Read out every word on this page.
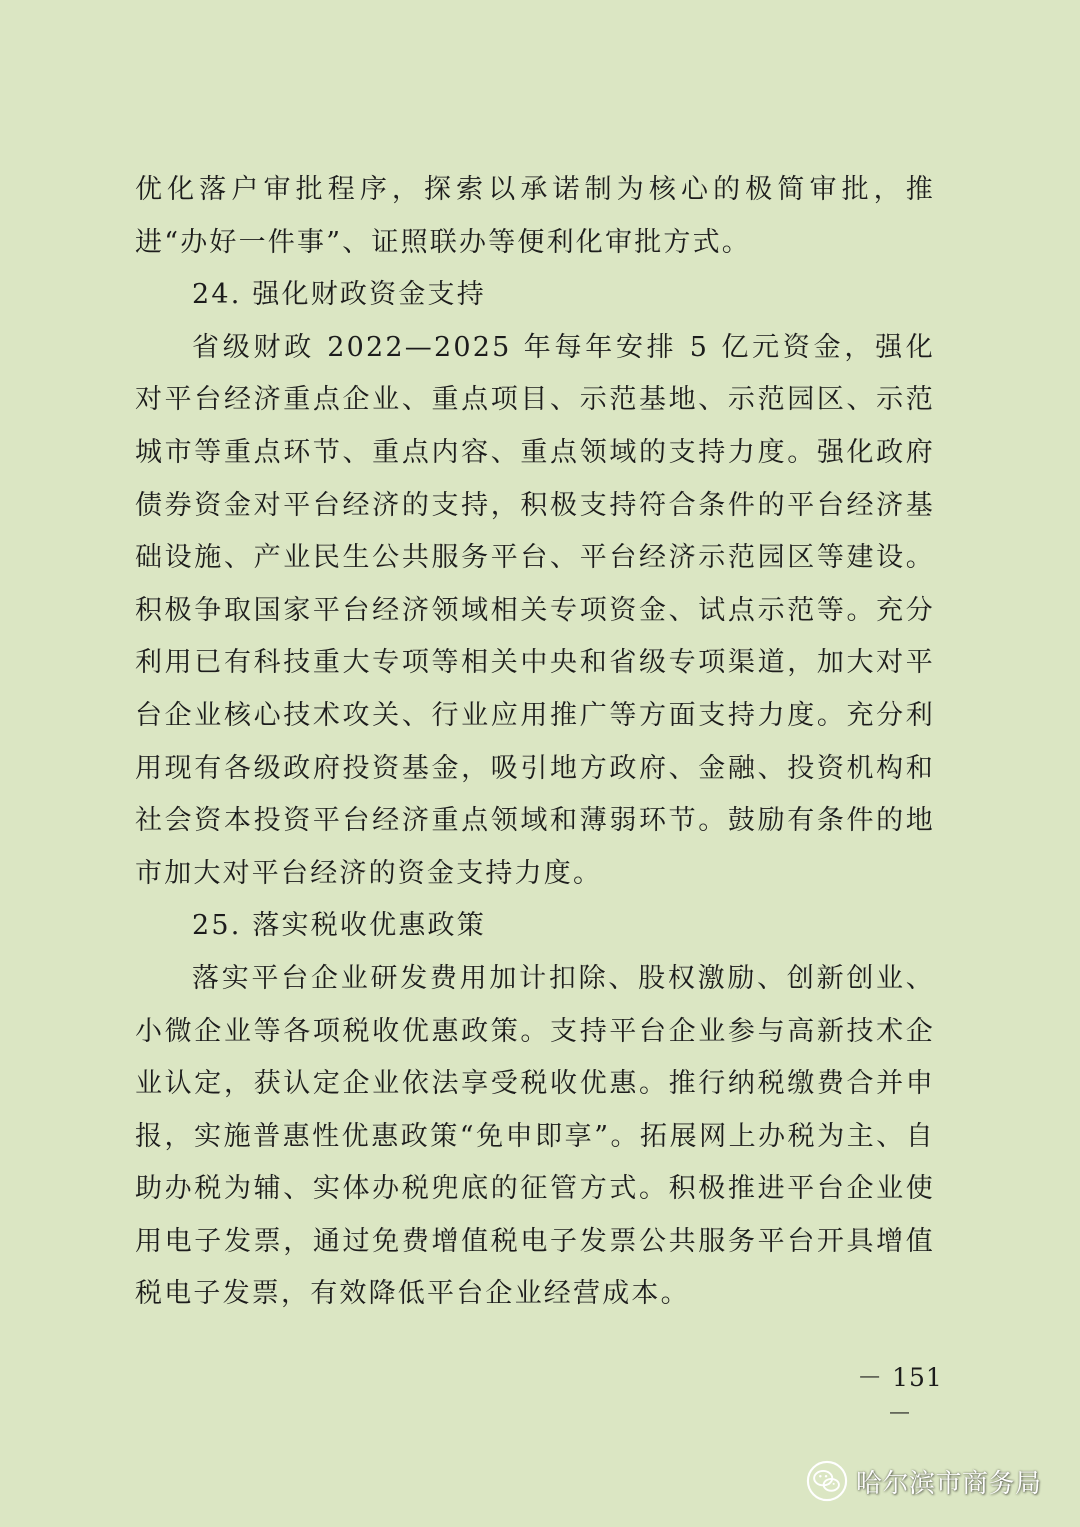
优化落户审批程序，探索以承诺制为核心的极简审批，推进“办好一件事”、证照联办等便利化审批方式。

24. 强化财政资金支持

省级财政 2022—2025 年每年安排 5 亿元资金，强化对平台经济重点企业、重点项目、示范基地、示范园区、示范城市等重点环节、重点内容、重点领域的支持力度。强化政府债券资金对平台经济的支持，积极支持符合条件的平台经济基础设施、产业民生公共服务平台、平台经济示范园区等建设。积极争取国家平台经济领域相关专项资金、试点示范等。充分利用已有科技重大专项等相关中央和省级专项渠道，加大对平台企业核心技术攻关、行业应用推广等方面支持力度。充分利用现有各级政府投资基金，吸引地方政府、金融、投资机构和社会资本投资平台经济重点领域和薄弱环节。鼓励有条件的地市加大对平台经济的资金支持力度。

25. 落实税收优惠政策

落实平台企业研发费用加计扣除、股权激励、创新创业、小微企业等各项税收优惠政策。支持平台企业参与高新技术企业认定，获认定企业依法享受税收优惠。推行纳税缴费合并申报，实施普惠性优惠政策“免申即享”。拓展网上办税为主、自助办税为辅、实体办税兜底的征管方式。积极推进平台企业使用电子发票，通过免费增值税电子发票公共服务平台开具增值税电子发票，有效降低平台企业经营成本。

－ 151 －
哈尔滨市商务局
